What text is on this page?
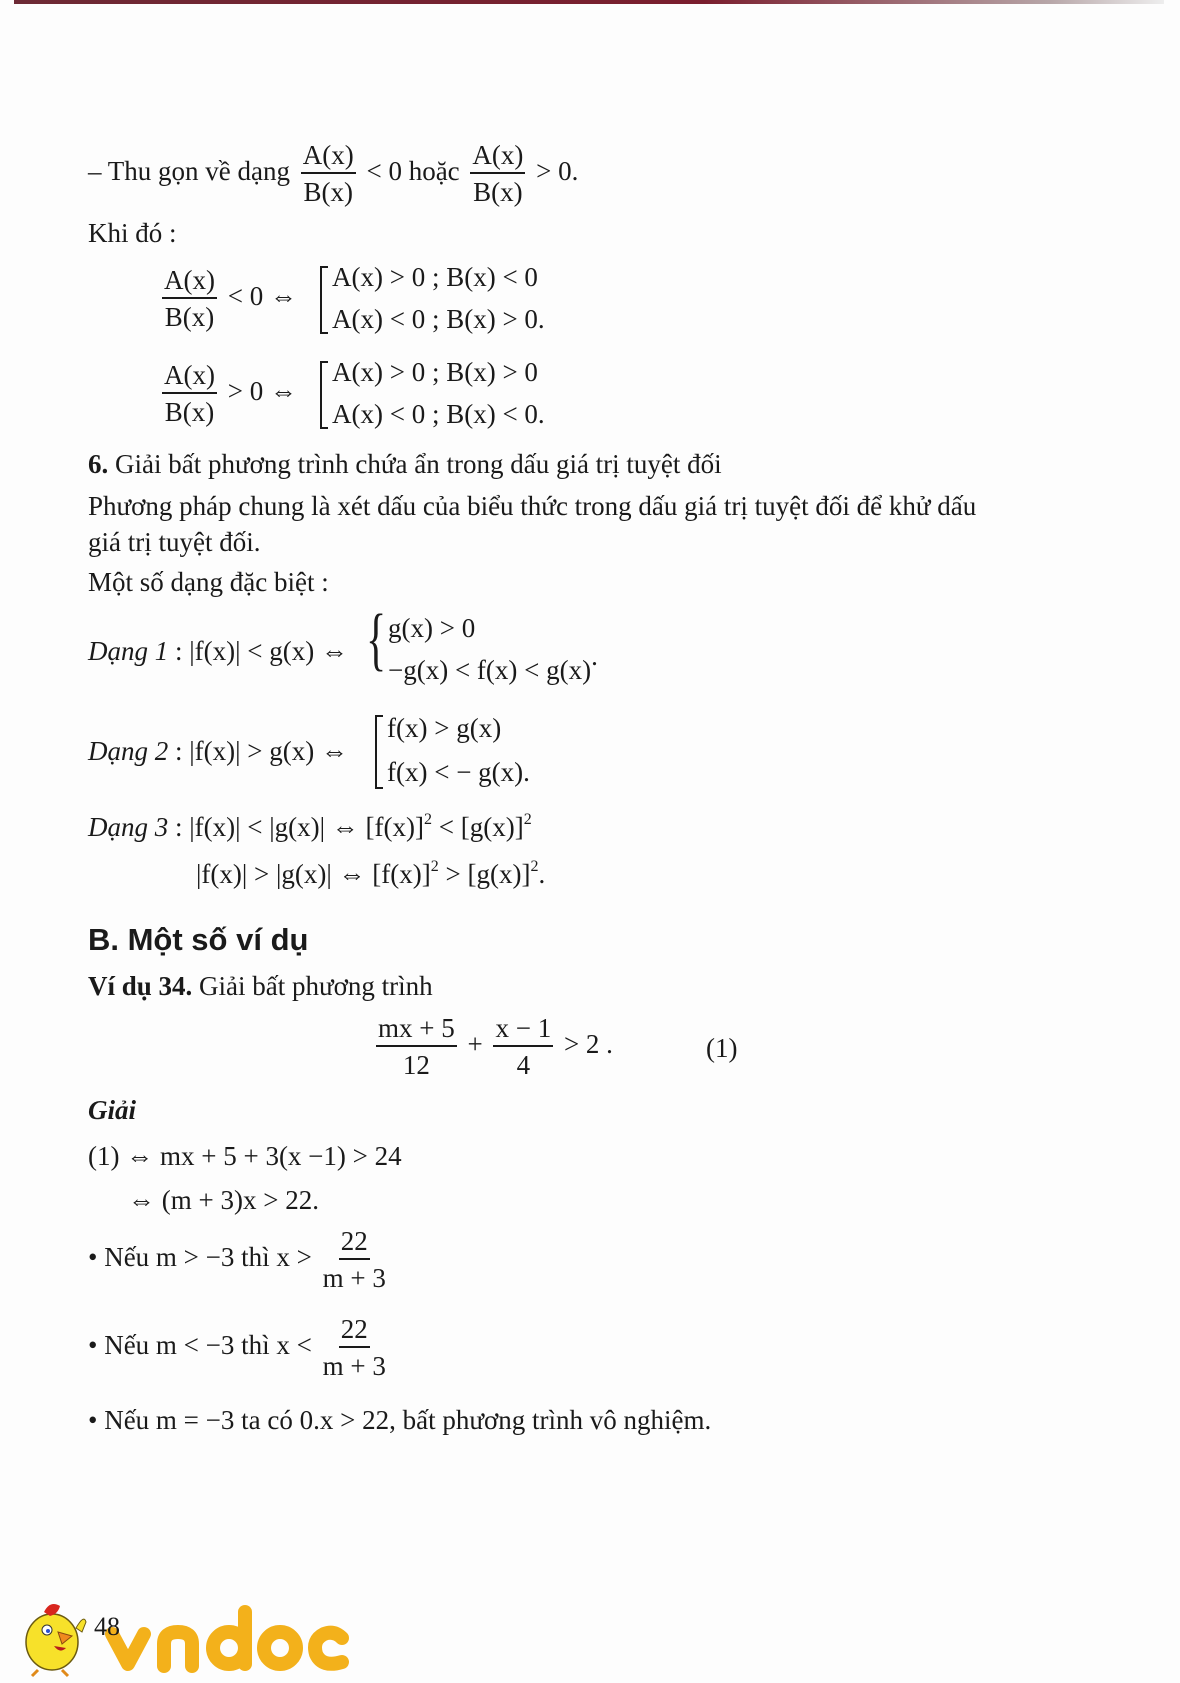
– Thu gọn về dạng $\frac{A(x)}{B(x)} < 0$ hoặc $\frac{A(x)}{B(x)} > 0$.
Khi đó :
$\frac{A(x)}{B(x)} < 0$ ⇔
A(x) > 0 ; B(x) < 0
A(x) < 0 ; B(x) > 0.
$\frac{A(x)}{B(x)} > 0$ ⇔
A(x) > 0 ; B(x) > 0
A(x) < 0 ; B(x) < 0.
6. Giải bất phương trình chứa ẩn trong dấu giá trị tuyệt đối
Phương pháp chung là xét dấu của biểu thức trong dấu giá trị tuyệt đối để khử dấu
giá trị tuyệt đối.
Một số dạng đặc biệt :
Dạng 1 : |f(x)| < g(x) ⇔ { g(x) > 0
−g(x) < f(x) < g(x).
Dạng 2 : |f(x)| > g(x) ⇔
f(x) > g(x)
f(x) < − g(x).
Dạng 3 : |f(x)| < |g(x)| ⇔ $[f(x)]^2 < [g(x)]^2$
|f(x)| > |g(x)| ⇔ $[f(x)]^2 > [g(x)]^2$.
B. Một số ví dụ
Ví dụ 34. Giải bất phương trình
$\frac{mx + 5}{12} + \frac{x - 1}{4} > 2$ .	(1)
Giải
(1) ⇔ mx + 5 + 3(x −1) > 24
⇔ (m + 3)x > 22.
• Nếu m > −3 thì $x > \frac{22}{m + 3}$
• Nếu m < −3 thì $x < \frac{22}{m + 3}$
• Nếu m = −3 ta có 0.x > 22, bất phương trình vô nghiệm.
48
